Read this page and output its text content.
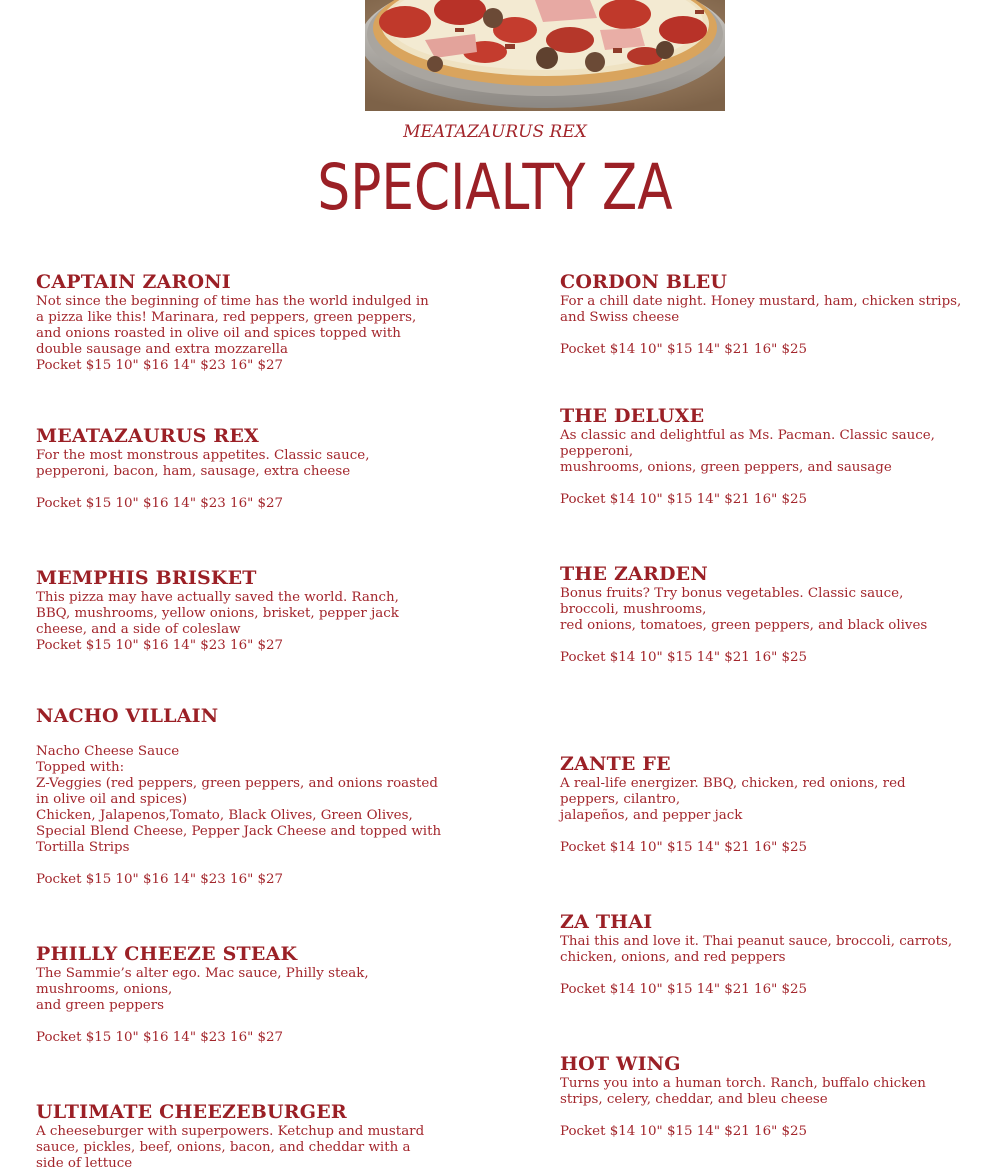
MEATAZAURUS REX
SPECIALTY ZA
CAPTAIN ZARONI
Not since the beginning of time has the world indulged in
a pizza like this! Marinara, red peppers, green peppers,
and onions roasted in olive oil and spices topped with
double sausage and extra mozzarella
Pocket $15 10" $16 14" $23 16" $27
MEATAZAURUS REX
For the most monstrous appetites. Classic sauce,
pepperoni, bacon, ham, sausage, extra cheese
Pocket $15 10" $16 14" $23 16" $27
MEMPHIS BRISKET
This pizza may have actually saved the world. Ranch,
BBQ, mushrooms, yellow onions, brisket, pepper jack
cheese, and a side of coleslaw
Pocket $15 10" $16 14" $23 16" $27
NACHO VILLAIN
Nacho Cheese Sauce
Topped with:
Z-Veggies (red peppers, green peppers, and onions roasted
in olive oil and spices)
Chicken, Jalapenos,Tomato, Black Olives, Green Olives,
Special Blend Cheese, Pepper Jack Cheese and topped with
Tortilla Strips
Pocket $15 10" $16 14" $23 16" $27
PHILLY CHEEZE STEAK
The Sammie’s alter ego. Mac sauce, Philly steak,
mushrooms, onions,
and green peppers
Pocket $15 10" $16 14" $23 16" $27
ULTIMATE CHEEZEBURGER
A cheeseburger with superpowers. Ketchup and mustard
sauce, pickles, beef, onions, bacon, and cheddar with a
side of lettuce
CORDON BLEU
For a chill date night. Honey mustard, ham, chicken strips,
and Swiss cheese
Pocket $14 10" $15 14" $21 16" $25
THE DELUXE
As classic and delightful as Ms. Pacman. Classic sauce,
pepperoni,
mushrooms, onions, green peppers, and sausage
Pocket $14 10" $15 14" $21 16" $25
THE ZARDEN
Bonus fruits? Try bonus vegetables. Classic sauce,
broccoli, mushrooms,
red onions, tomatoes, green peppers, and black olives
Pocket $14 10" $15 14" $21 16" $25
ZANTE FE
A real-life energizer. BBQ, chicken, red onions, red
peppers, cilantro,
jalapeños, and pepper jack
Pocket $14 10" $15 14" $21 16" $25
ZA THAI
Thai this and love it. Thai peanut sauce, broccoli, carrots,
chicken, onions, and red peppers
Pocket $14 10" $15 14" $21 16" $25
HOT WING
Turns you into a human torch. Ranch, buffalo chicken
strips, celery, cheddar, and bleu cheese
Pocket $14 10" $15 14" $21 16" $25
